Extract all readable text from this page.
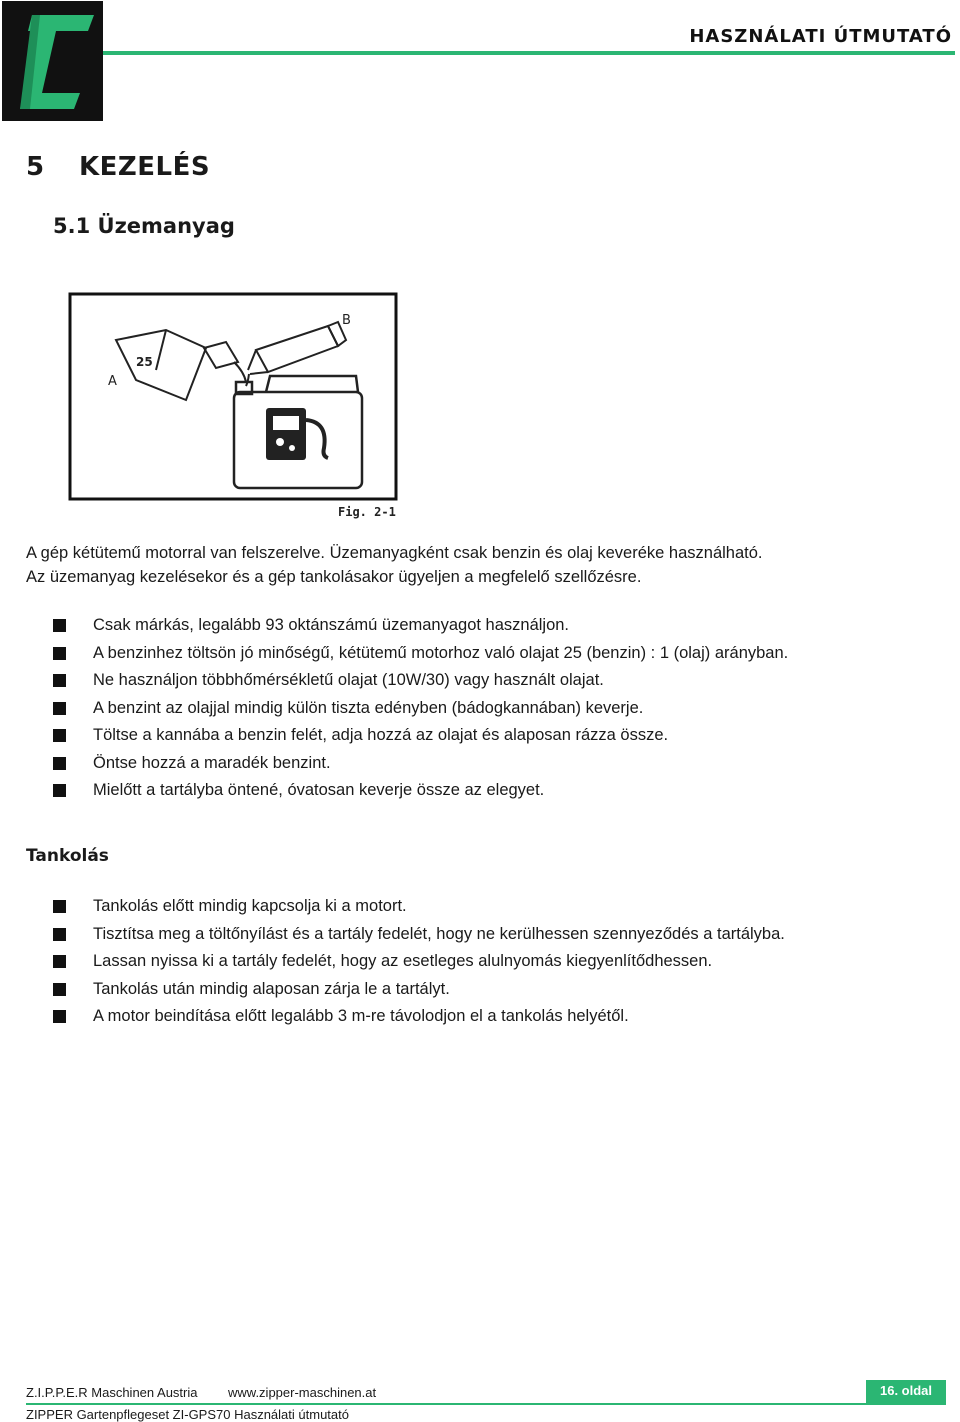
HASZNÁLATI ÚTMUTATÓ
5 KEZELÉS
5.1 Üzemanyag
A
B
25
Fig. 2-1

A gép kétütemű motorral van felszerelve. Üzemanyagként csak benzin és olaj keveréke használható.

Az üzemanyag kezelésekor és a gép tankolásakor ügyeljen a megfelelő szellőzésre.

Csak márkás, legalább 93 oktánszámú üzemanyagot használjon.
A benzinhez töltsön jó minőségű, kétütemű motorhoz való olajat 25 (benzin) : 1 (olaj) arányban.
Ne használjon többhőmérsékletű olajat (10W/30) vagy használt olajat.
A benzint az olajjal mindig külön tiszta edényben (bádogkannában) keverje.
Töltse a kannába a benzin felét, adja hozzá az olajat és alaposan rázza össze.
Öntse hozzá a maradék benzint.
Mielőtt a tartályba öntené, óvatosan keverje össze az elegyet.
Tankolás
Tankolás előtt mindig kapcsolja ki a motort.
Tisztítsa meg a töltőnyílást és a tartály fedelét, hogy ne kerülhessen szennyeződés a tartályba.
Lassan nyissa ki a tartály fedelét, hogy az esetleges alulnyomás kiegyenlítődhessen.
Tankolás után mindig alaposan zárja le a tartályt.
A motor beindítása előtt legalább 3 m-re távolodjon el a tankolás helyétől.
Z.I.P.P.E.R Maschinen Austria www.zipper-maschinen.at	16. oldal
ZIPPER Gartenpflegeset ZI-GPS70 Használati útmutató
